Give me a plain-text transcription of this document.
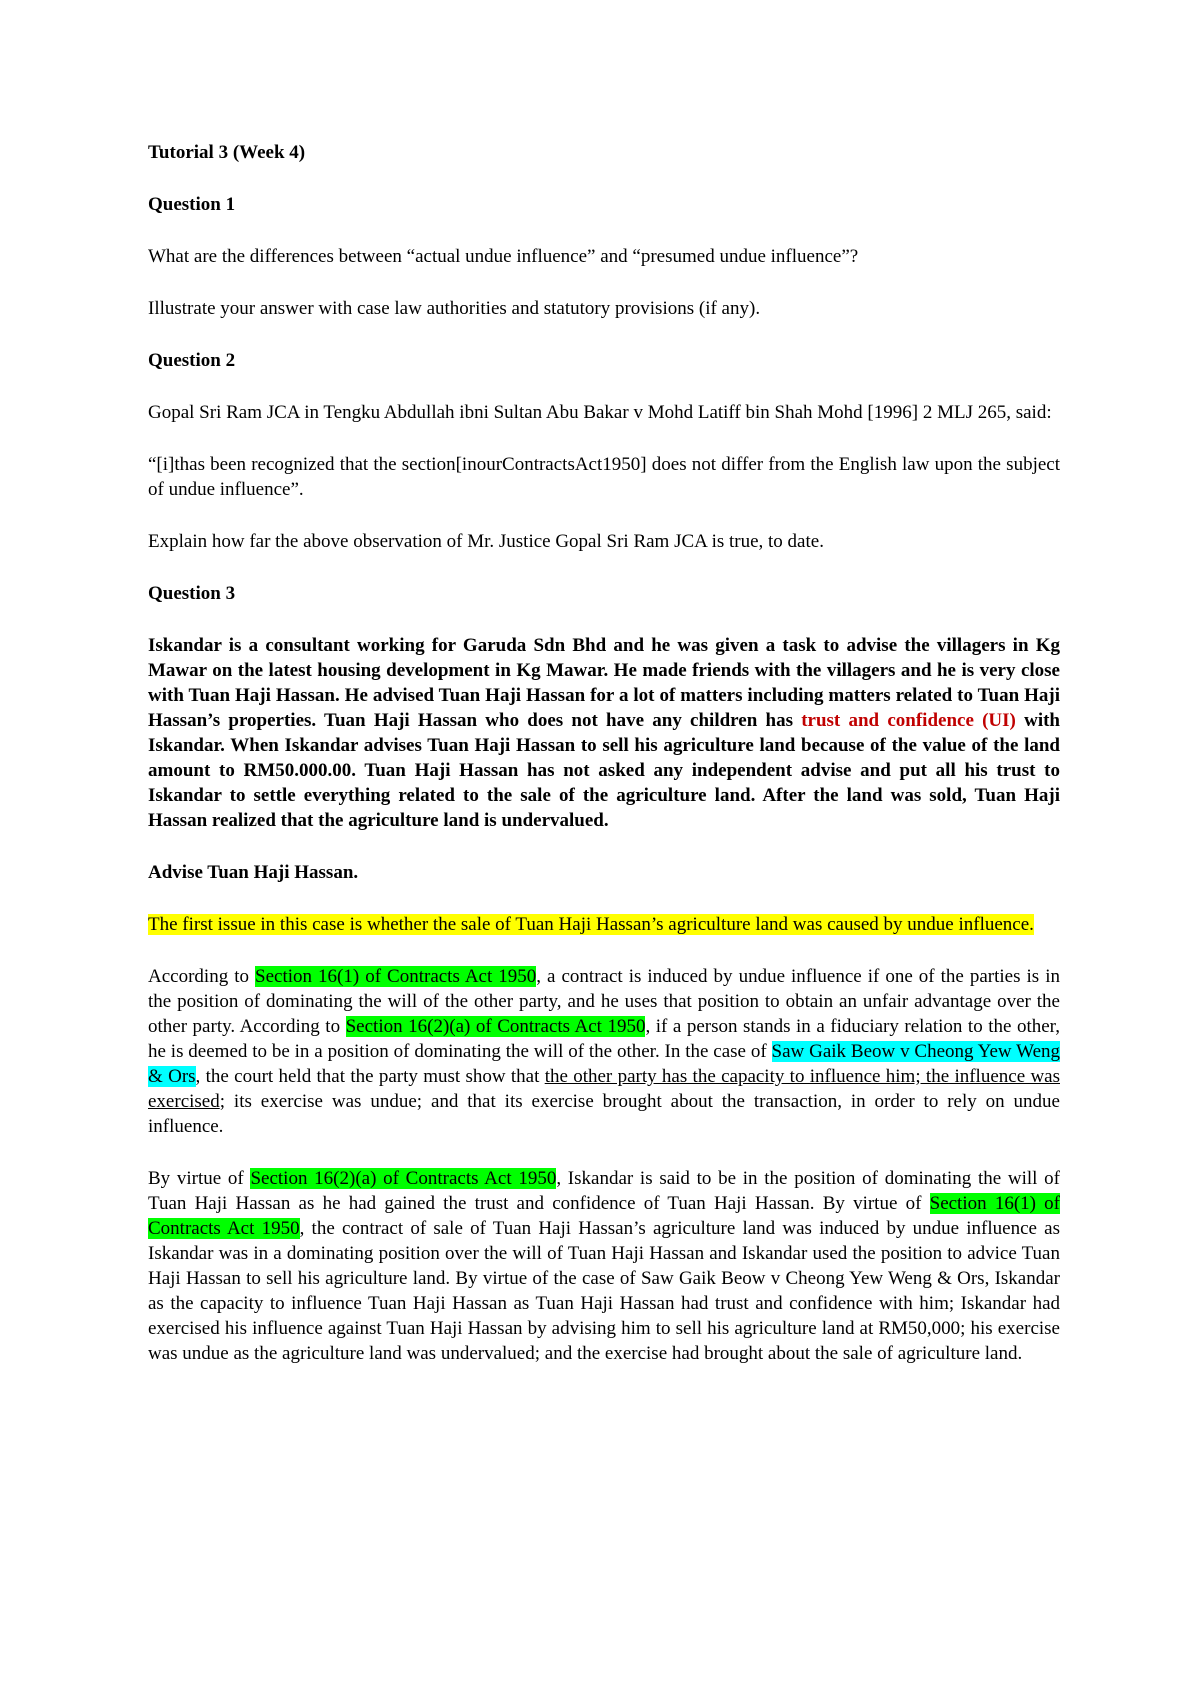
Tutorial 3 (Week 4)
Question 1

What are the differences between “actual undue influence” and “presumed undue influence”?

Illustrate your answer with case law authorities and statutory provisions (if any).

Question 2

Gopal Sri Ram JCA in Tengku Abdullah ibni Sultan Abu Bakar v Mohd Latiff bin Shah Mohd [1996] 2 MLJ 265, said:

“[i]thas been recognized that the section[inourContractsAct1950] does not differ from the English law upon the subject of undue influence”.

Explain how far the above observation of Mr. Justice Gopal Sri Ram JCA is true, to date.

Question 3

Iskandar is a consultant working for Garuda Sdn Bhd and he was given a task to advise the villagers in Kg Mawar on the latest housing development in Kg Mawar. He made friends with the villagers and he is very close with Tuan Haji Hassan. He advised Tuan Haji Hassan for a lot of matters including matters related to Tuan Haji Hassan’s properties. Tuan Haji Hassan who does not have any children has trust and confidence (UI) with Iskandar. When Iskandar advises Tuan Haji Hassan to sell his agriculture land because of the value of the land amount to RM50.000.00. Tuan Haji Hassan has not asked any independent advise and put all his trust to Iskandar to settle everything related to the sale of the agriculture land. After the land was sold, Tuan Haji Hassan realized that the agriculture land is undervalued.

Advise Tuan Haji Hassan.

The first issue in this case is whether the sale of Tuan Haji Hassan’s agriculture land was caused by undue influence.

According to Section 16(1) of Contracts Act 1950, a contract is induced by undue influence if one of the parties is in the position of dominating the will of the other party, and he uses that position to obtain an unfair advantage over the other party. According to Section 16(2)(a) of Contracts Act 1950, if a person stands in a fiduciary relation to the other, he is deemed to be in a position of dominating the will of the other. In the case of Saw Gaik Beow v Cheong Yew Weng & Ors, the court held that the party must show that the other party has the capacity to influence him; the influence was exercised; its exercise was undue; and that its exercise brought about the transaction, in order to rely on undue influence.

By virtue of Section 16(2)(a) of Contracts Act 1950, Iskandar is said to be in the position of dominating the will of Tuan Haji Hassan as he had gained the trust and confidence of Tuan Haji Hassan. By virtue of Section 16(1) of Contracts Act 1950, the contract of sale of Tuan Haji Hassan’s agriculture land was induced by undue influence as Iskandar was in a dominating position over the will of Tuan Haji Hassan and Iskandar used the position to advice Tuan Haji Hassan to sell his agriculture land. By virtue of the case of Saw Gaik Beow v Cheong Yew Weng & Ors, Iskandar as the capacity to influence Tuan Haji Hassan as Tuan Haji Hassan had trust and confidence with him; Iskandar had exercised his influence against Tuan Haji Hassan by advising him to sell his agriculture land at RM50,000; his exercise was undue as the agriculture land was undervalued; and the exercise had brought about the sale of agriculture land.
